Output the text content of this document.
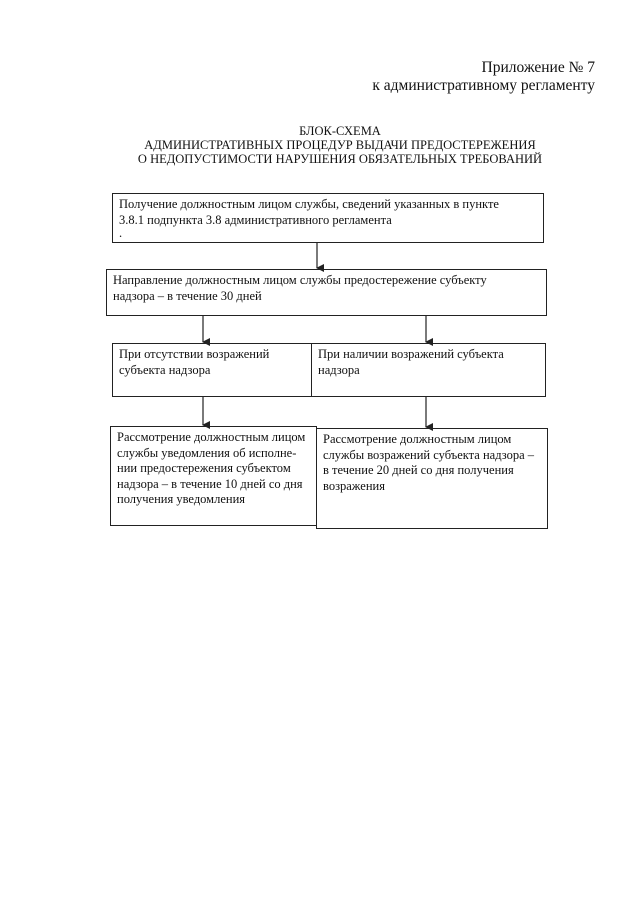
Приложение № 7
к административному регламенту
БЛОК-СХЕМА
АДМИНИСТРАТИВНЫХ ПРОЦЕДУР ВЫДАЧИ ПРЕДОСТЕРЕЖЕНИЯ
О НЕДОПУСТИМОСТИ НАРУШЕНИЯ ОБЯЗАТЕЛЬНЫХ ТРЕБОВАНИЙ
Получение должностным лицом службы, сведений указанных в пункте
3.8.1 подпункта 3.8 административного регламента
.
Направление должностным лицом службы предостережение субъекту
надзора – в течение 30 дней
При отсутствии возражений
субъекта надзора
При наличии возражений субъекта
надзора
Рассмотрение должностным лицом
службы уведомления об исполне-
нии предостережения субъектом
надзора – в течение 10 дней со дня
получения уведомления
Рассмотрение должностным лицом
службы возражений субъекта надзора –
в течение 20 дней со дня получения
возражения
